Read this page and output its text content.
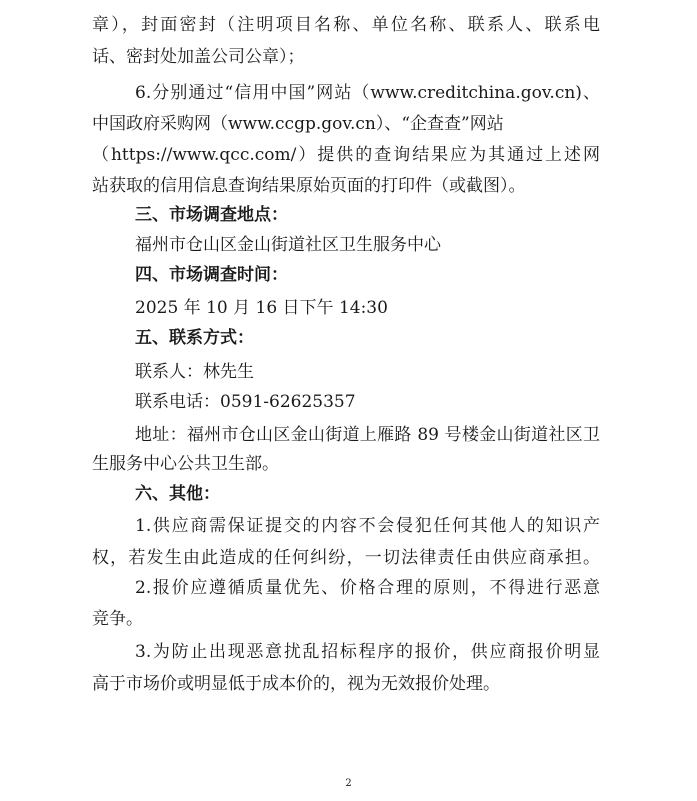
章），封面密封（注明项目名称、单位名称、联系人、联系电
话、密封处加盖公司公章）；
6.分别通过“信用中国”网站（www.creditchina.gov.cn)、
中国政府采购网（www.ccgp.gov.cn）、“企查查”网站
（https://www.qcc.com/）提供的查询结果应为其通过上述网
站获取的信用信息查询结果原始页面的打印件（或截图）。
三、市场调查地点：
福州市仓山区金山街道社区卫生服务中心
四、市场调查时间：
2025 年 10 月 16 日下午 14:30
五、联系方式：
联系人：林先生
联系电话：0591-62625357
地址：福州市仓山区金山街道上雁路 89 号楼金山街道社区卫
生服务中心公共卫生部。
六、其他：
1.供应商需保证提交的内容不会侵犯任何其他人的知识产
权，若发生由此造成的任何纠纷，一切法律责任由供应商承担。
2.报价应遵循质量优先、价格合理的原则，不得进行恶意
竞争。
3.为防止出现恶意扰乱招标程序的报价，供应商报价明显
高于市场价或明显低于成本价的，视为无效报价处理。
2
